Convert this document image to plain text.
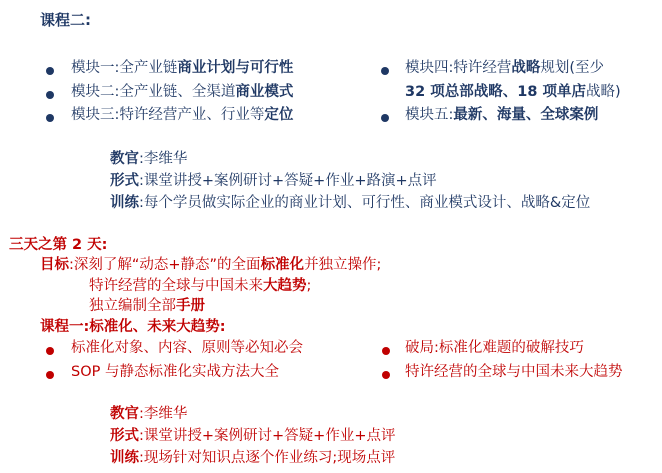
课程二:
模块一:全产业链商业计划与可行性
模块二:全产业链、全渠道商业模式
模块三:特许经营产业、行业等定位
模块四:特许经营战略规划(至少
32 项总部战略、18 项单店战略)
模块五:最新、海量、全球案例
教官:李维华
形式:课堂讲授+案例研讨+答疑+作业+路演+点评
训练:每个学员做实际企业的商业计划、可行性、商业模式设计、战略&定位
三天之第 2 天:
目标:深刻了解“动态+静态”的全面标准化并独立操作;
特许经营的全球与中国未来大趋势;
独立编制全部手册
课程一:标准化、未来大趋势:
标准化对象、内容、原则等必知必会
SOP 与静态标准化实战方法大全
破局:标准化难题的破解技巧
特许经营的全球与中国未来大趋势
教官:李维华
形式:课堂讲授+案例研讨+答疑+作业+点评
训练:现场针对知识点逐个作业练习;现场点评
